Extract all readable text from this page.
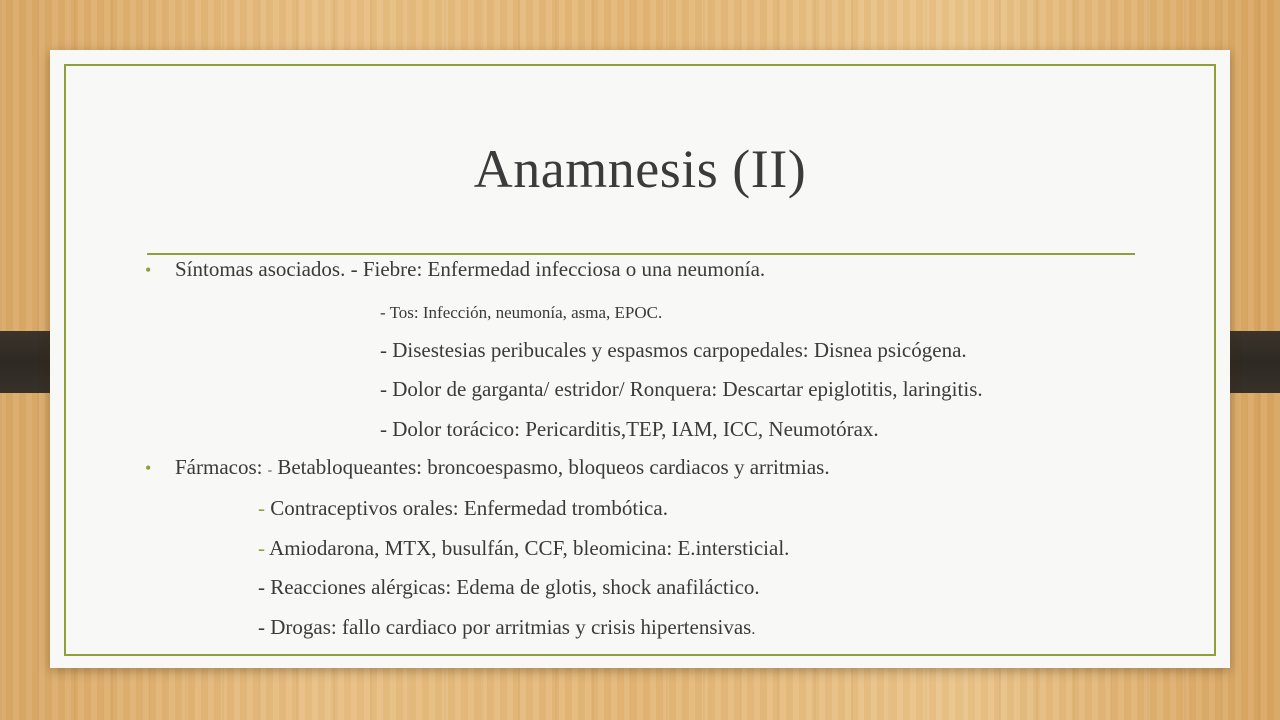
Anamnesis (II)
• Síntomas asociados. - Fiebre: Enfermedad infecciosa o una neumonía.
- Tos: Infección, neumonía, asma, EPOC.
- Disestesias peribucales y espasmos carpopedales: Disnea psicógena.
- Dolor de garganta/ estridor/ Ronquera: Descartar epiglotitis, laringitis.
- Dolor torácico: Pericarditis,TEP, IAM, ICC, Neumotórax.
• Fármacos: - Betabloqueantes: broncoespasmo, bloqueos cardiacos y arritmias.
- Contraceptivos orales: Enfermedad trombótica.
- Amiodarona, MTX, busulfán, CCF, bleomicina: E.intersticial.
- Reacciones alérgicas: Edema de glotis, shock anafiláctico.
- Drogas: fallo cardiaco por arritmias y crisis hipertensivas.
